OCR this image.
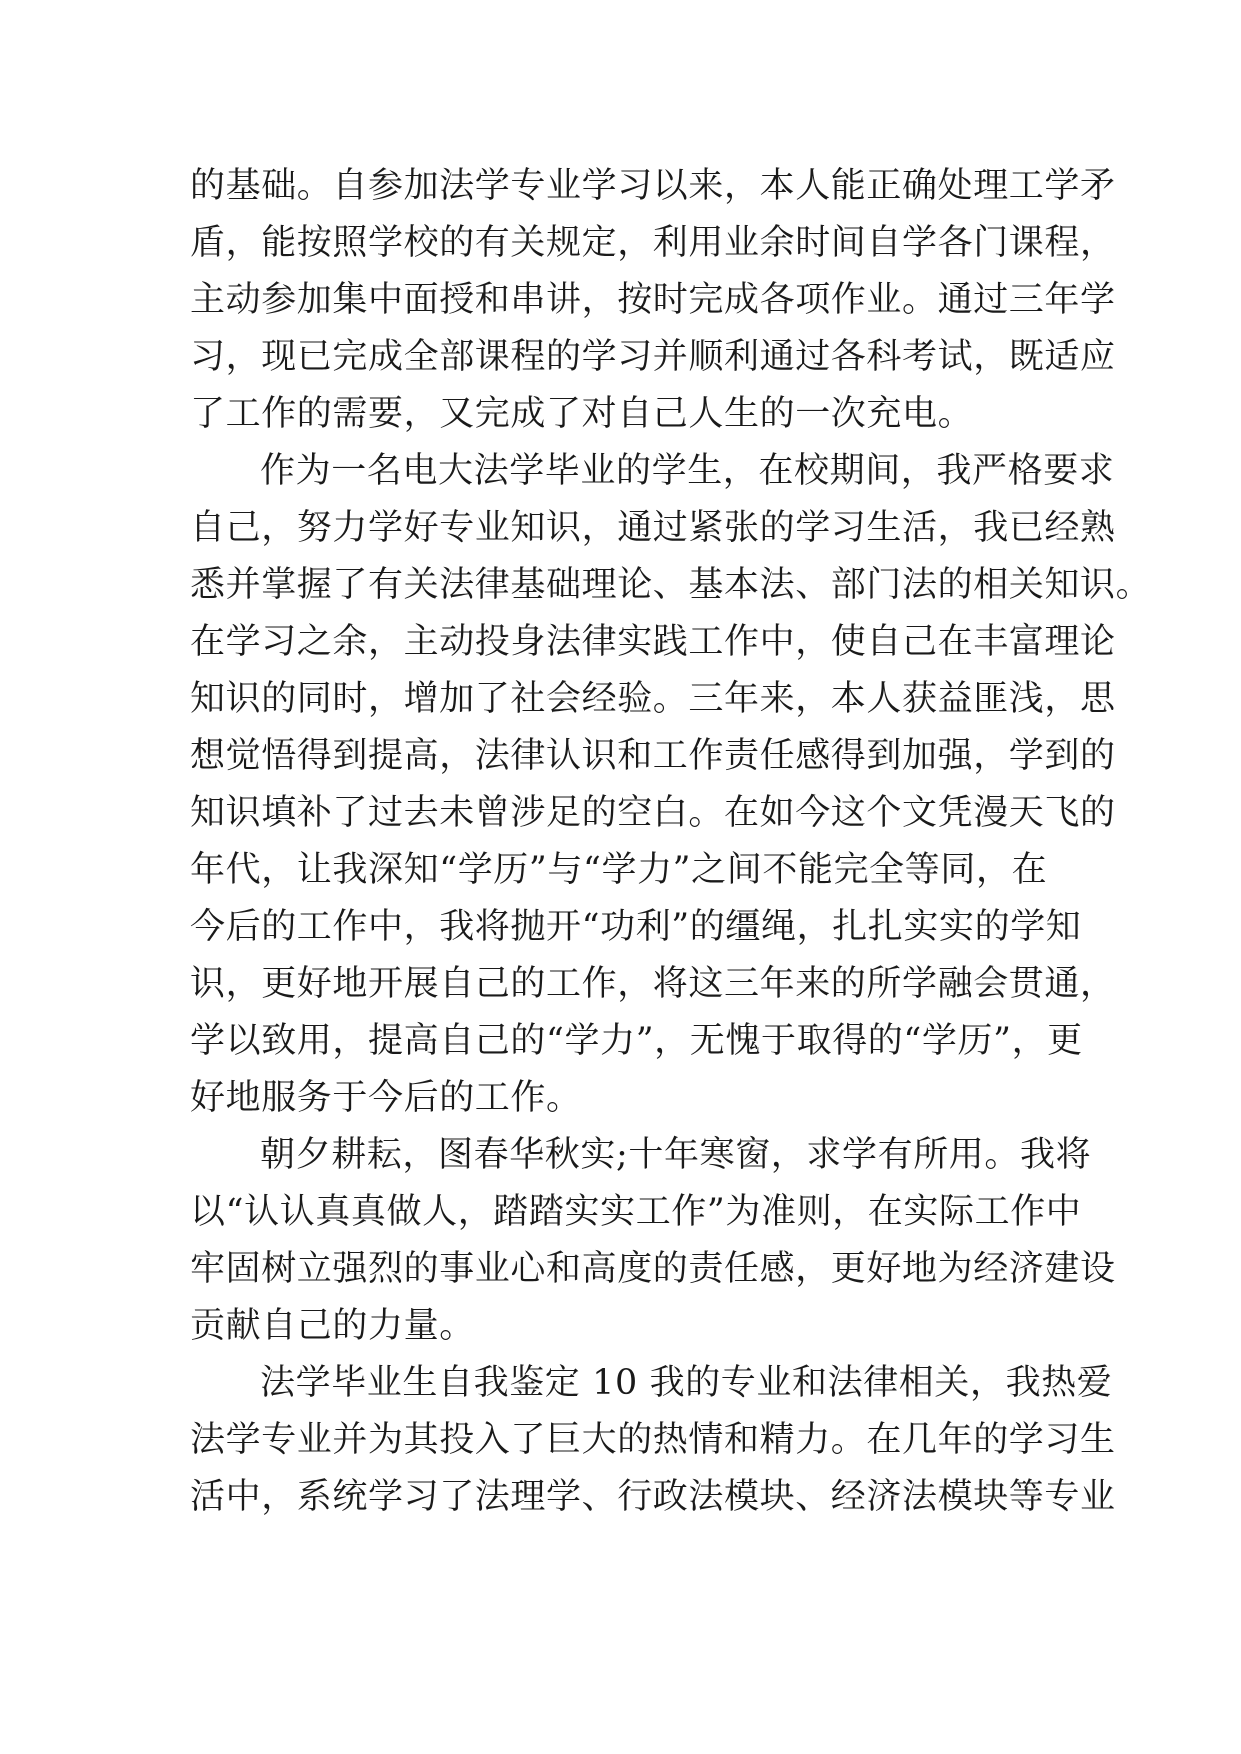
的基础。自参加法学专业学习以来，本人能正确处理工学矛
盾，能按照学校的有关规定，利用业余时间自学各门课程，
主动参加集中面授和串讲，按时完成各项作业。通过三年学
习，现已完成全部课程的学习并顺利通过各科考试，既适应
了工作的需要，又完成了对自己人生的一次充电。
作为一名电大法学毕业的学生，在校期间，我严格要求
自己，努力学好专业知识，通过紧张的学习生活，我已经熟
悉并掌握了有关法律基础理论、基本法、部门法的相关知识。
在学习之余，主动投身法律实践工作中，使自己在丰富理论
知识的同时，增加了社会经验。三年来，本人获益匪浅，思
想觉悟得到提高，法律认识和工作责任感得到加强，学到的
知识填补了过去未曾涉足的空白。在如今这个文凭漫天飞的
年代，让我深知“学历”与“学力”之间不能完全等同，在
今后的工作中，我将抛开“功利”的缰绳，扎扎实实的学知
识，更好地开展自己的工作，将这三年来的所学融会贯通，
学以致用，提高自己的“学力”，无愧于取得的“学历”，更
好地服务于今后的工作。
朝夕耕耘，图春华秋实;十年寒窗，求学有所用。我将
以“认认真真做人，踏踏实实工作”为准则，在实际工作中
牢固树立强烈的事业心和高度的责任感，更好地为经济建设
贡献自己的力量。
法学毕业生自我鉴定 10 我的专业和法律相关，我热爱
法学专业并为其投入了巨大的热情和精力。在几年的学习生
活中，系统学习了法理学、行政法模块、经济法模块等专业
